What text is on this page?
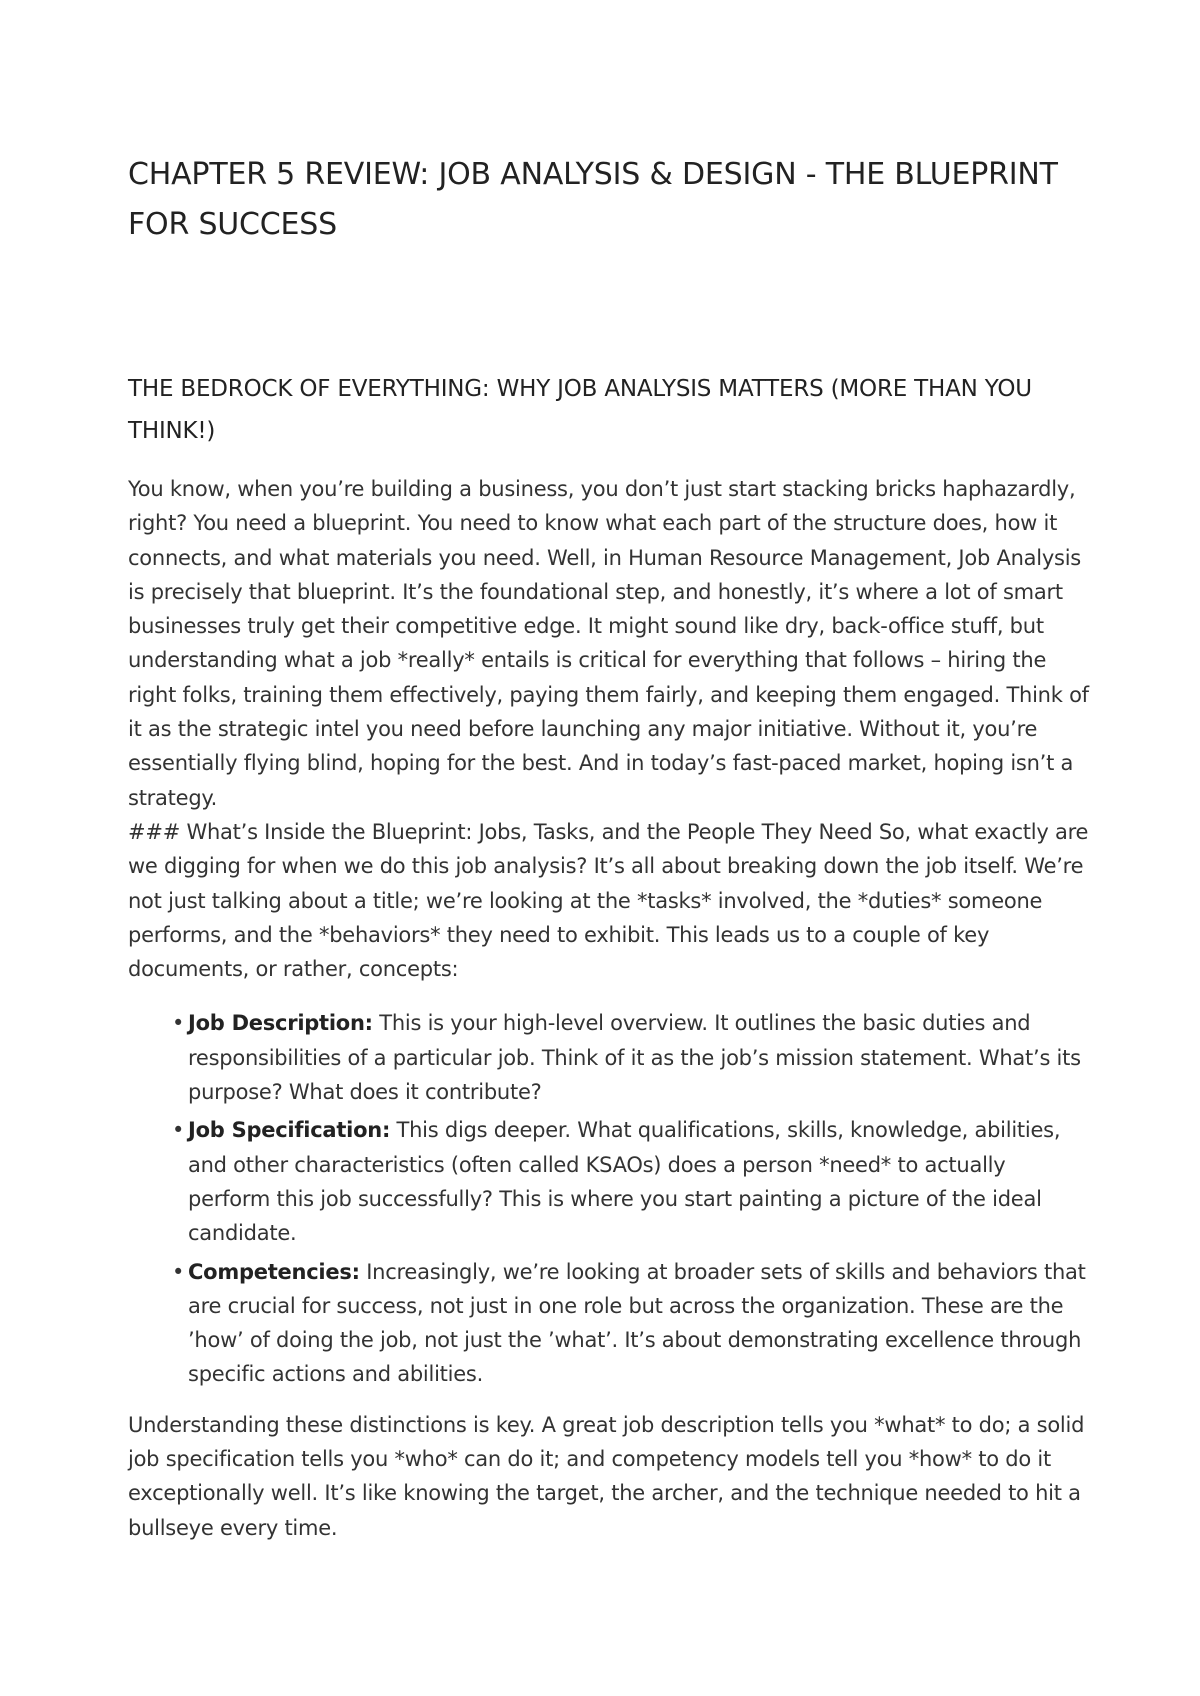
CHAPTER 5 REVIEW: JOB ANALYSIS & DESIGN - THE BLUEPRINT FOR SUCCESS
THE BEDROCK OF EVERYTHING: WHY JOB ANALYSIS MATTERS (MORE THAN YOU THINK!)

You know, when you’re building a business, you don’t just start stacking bricks haphazardly, right? You need a blueprint. You need to know what each part of the structure does, how it connects, and what materials you need. Well, in Human Resource Management, Job Analysis is precisely that blueprint. It’s the foundational step, and honestly, it’s where a lot of smart businesses truly get their competitive edge. It might sound like dry, back-office stuff, but understanding what a job *really* entails is critical for everything that follows – hiring the right folks, training them effectively, paying them fairly, and keeping them engaged. Think of it as the strategic intel you need before launching any major initiative. Without it, you’re essentially flying blind, hoping for the best. And in today’s fast-paced market, hoping isn’t a strategy.

### What’s Inside the Blueprint: Jobs, Tasks, and the People They Need So, what exactly are we digging for when we do this job analysis? It’s all about breaking down the job itself. We’re not just talking about a title; we’re looking at the *tasks* involved, the *duties* someone performs, and the *behaviors* they need to exhibit. This leads us to a couple of key documents, or rather, concepts:

• Job Description: This is your high-level overview. It outlines the basic duties and responsibilities of a particular job. Think of it as the job’s mission statement. What’s its purpose? What does it contribute?
• Job Specification: This digs deeper. What qualifications, skills, knowledge, abilities, and other characteristics (often called KSAOs) does a person *need* to actually perform this job successfully? This is where you start painting a picture of the ideal candidate.
• Competencies: Increasingly, we’re looking at broader sets of skills and behaviors that are crucial for success, not just in one role but across the organization. These are the ’how’ of doing the job, not just the ’what’. It’s about demonstrating excellence through specific actions and abilities.

Understanding these distinctions is key. A great job description tells you *what* to do; a solid job specification tells you *who* can do it; and competency models tell you *how* to do it exceptionally well. It’s like knowing the target, the archer, and the technique needed to hit a bullseye every time.
